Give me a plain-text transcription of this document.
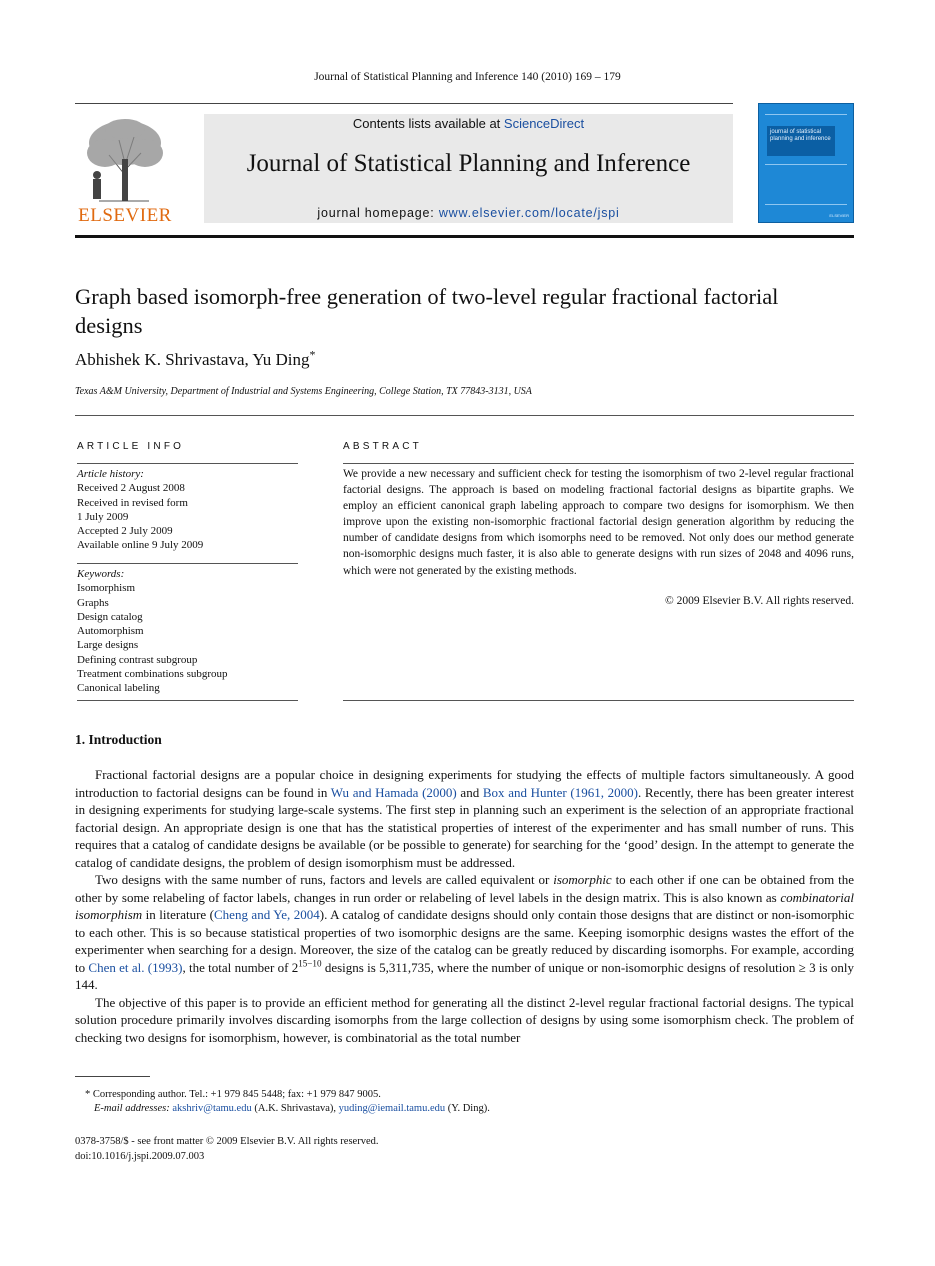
Journal of Statistical Planning and Inference 140 (2010) 169 – 179
ELSEVIER
Contents lists available at ScienceDirect
Journal of Statistical Planning and Inference
journal homepage: www.elsevier.com/locate/jspi
journal of statistical planning and inference
ELSEVIER
Graph based isomorph-free generation of two-level regular fractional factorial designs
Abhishek K. Shrivastava, Yu Ding*
Texas A&M University, Department of Industrial and Systems Engineering, College Station, TX 77843-3131, USA
ARTICLE INFO
Article history:
Received 2 August 2008
Received in revised form
1 July 2009
Accepted 2 July 2009
Available online 9 July 2009
Keywords:
Isomorphism
Graphs
Design catalog
Automorphism
Large designs
Defining contrast subgroup
Treatment combinations subgroup
Canonical labeling
ABSTRACT
We provide a new necessary and sufficient check for testing the isomorphism of two 2-level regular fractional factorial designs. The approach is based on modeling fractional factorial designs as bipartite graphs. We employ an efficient canonical graph labeling approach to compare two designs for isomorphism. We then improve upon the existing non-isomorphic fractional factorial design generation algorithm by reducing the number of candidate designs from which isomorphs need to be removed. Not only does our method generate non-isomorphic designs much faster, it is also able to generate designs with run sizes of 2048 and 4096 runs, which were not generated by the existing methods.
© 2009 Elsevier B.V. All rights reserved.
1. Introduction

Fractional factorial designs are a popular choice in designing experiments for studying the effects of multiple factors simultaneously. A good introduction to factorial designs can be found in Wu and Hamada (2000) and Box and Hunter (1961, 2000). Recently, there has been greater interest in designing experiments for studying large-scale systems. The first step in planning such an experiment is the selection of an appropriate fractional factorial design. An appropriate design is one that has the statistical properties of interest of the experimenter and has small number of runs. This requires that a catalog of candidate designs be available (or be possible to generate) for searching for the ‘good’ design. In the attempt to generate the catalog of candidate designs, the problem of design isomorphism must be addressed.

Two designs with the same number of runs, factors and levels are called equivalent or isomorphic to each other if one can be obtained from the other by some relabeling of factor labels, changes in run order or relabeling of level labels in the design matrix. This is also known as combinatorial isomorphism in literature (Cheng and Ye, 2004). A catalog of candidate designs should only contain those designs that are distinct or non-isomorphic to each other. This is so because statistical properties of two isomorphic designs are the same. Keeping isomorphic designs wastes the effort of the experimenter when searching for a design. Moreover, the size of the catalog can be greatly reduced by discarding isomorphs. For example, according to Chen et al. (1993), the total number of $2^{15-10}$ designs is 5,311,735, where the number of unique or non-isomorphic designs of resolution ≥ 3 is only 144.

The objective of this paper is to provide an efficient method for generating all the distinct 2-level regular fractional factorial designs. The typical solution procedure primarily involves discarding isomorphs from the large collection of designs by using some isomorphism check. The problem of checking two designs for isomorphism, however, is combinatorial as the total number

* Corresponding author. Tel.: +1 979 845 5448; fax: +1 979 847 9005.
E-mail addresses: akshriv@tamu.edu (A.K. Shrivastava), yuding@iemail.tamu.edu (Y. Ding).
0378-3758/$ - see front matter © 2009 Elsevier B.V. All rights reserved.
doi:10.1016/j.jspi.2009.07.003
